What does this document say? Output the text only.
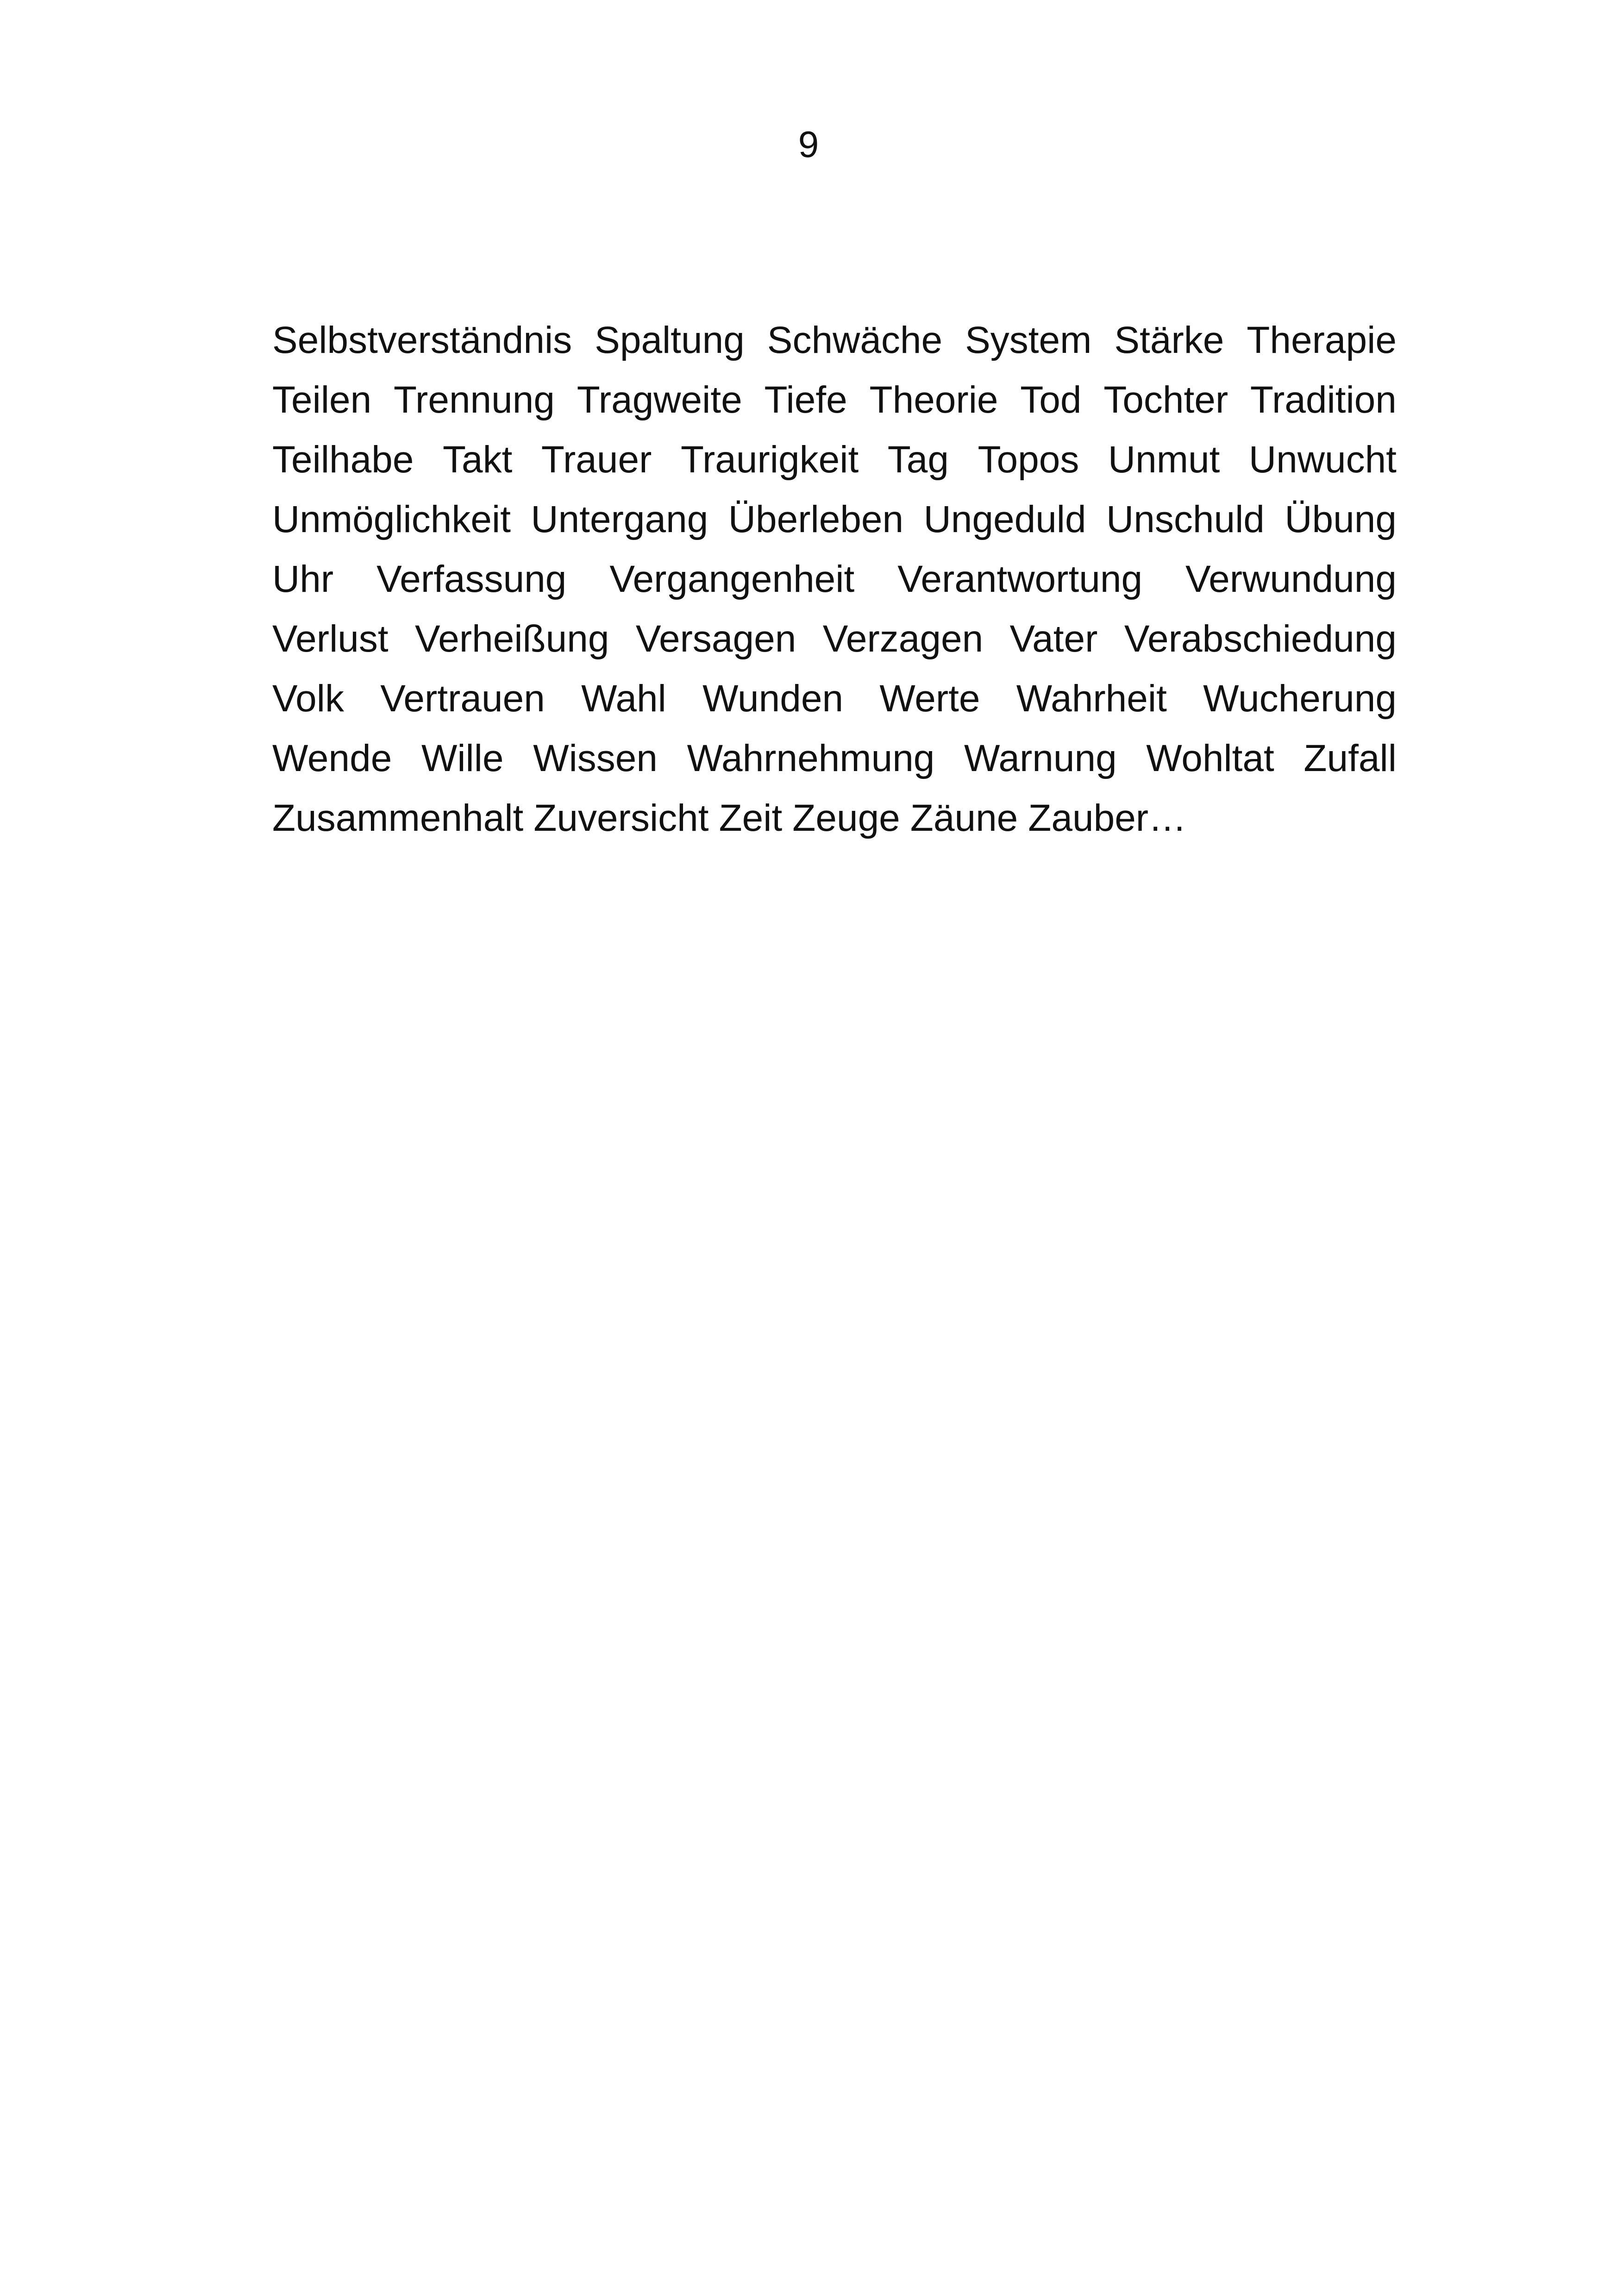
9
Selbstverständnis Spaltung Schwäche System Stärke Therapie
Teilen Trennung Tragweite Tiefe Theorie Tod Tochter Tradition
Teilhabe Takt Trauer Traurigkeit Tag Topos Unmut Unwucht
Unmöglichkeit Untergang Überleben Ungeduld Unschuld Übung
Uhr Verfassung Vergangenheit Verantwortung Verwundung
Verlust Verheißung Versagen Verzagen Vater Verabschiedung
Volk Vertrauen Wahl Wunden Werte Wahrheit Wucherung
Wende Wille Wissen Wahrnehmung Warnung Wohltat Zufall
Zusammenhalt Zuversicht Zeit Zeuge Zäune Zauber…
